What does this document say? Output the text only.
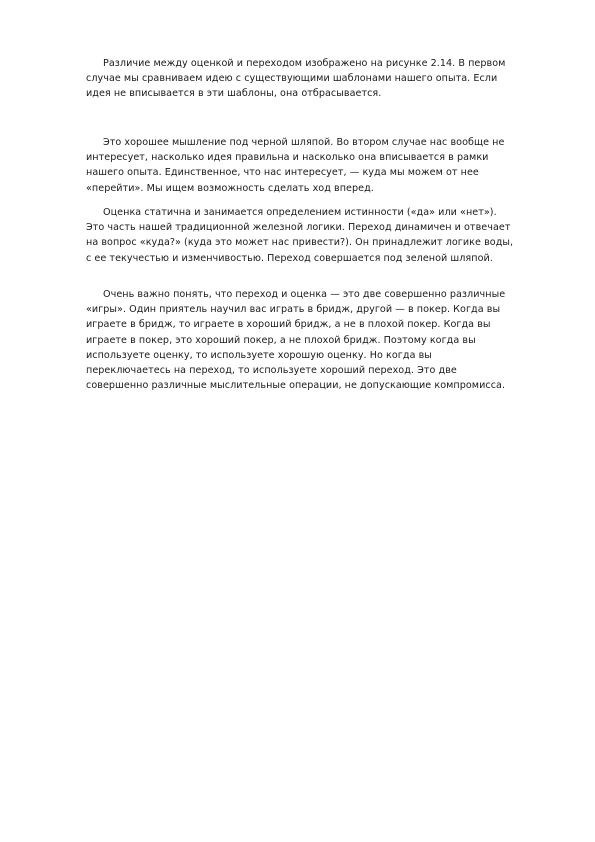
Различие между оценкой и переходом изображено на рисунке 2.14. В первом случае мы сравниваем идею с существующими шаблонами нашего опыта. Если идея не вписывается в эти шаблоны, она отбрасывается.

Это хорошее мышление под черной шляпой. Во втором случае нас вообще не интересует, насколько идея правильна и насколько она вписывается в рамки нашего опыта. Единственное, что нас интересует, — куда мы можем от нее «перейти». Мы ищем возможность сделать ход вперед.

Оценка статична и занимается определением истинности («да» или «нет»). Это часть нашей традиционной железной логики. Переход динамичен и отвечает на вопрос «куда?» (куда это может нас привести?). Он принадлежит логике воды, с ее текучестью и изменчивостью. Переход совершается под зеленой шляпой.

Очень важно понять, что переход и оценка — это две совершенно различные «игры». Один приятель научил вас играть в бридж, другой — в покер. Когда вы играете в бридж, то играете в хороший бридж, а не в плохой покер. Когда вы играете в покер, это хороший покер, а не плохой бридж. Поэтому когда вы используете оценку, то используете хорошую оценку. Но когда вы переключаетесь на переход, то используете хороший переход. Это две совершенно различные мыслительные операции, не допускающие компромисса.
